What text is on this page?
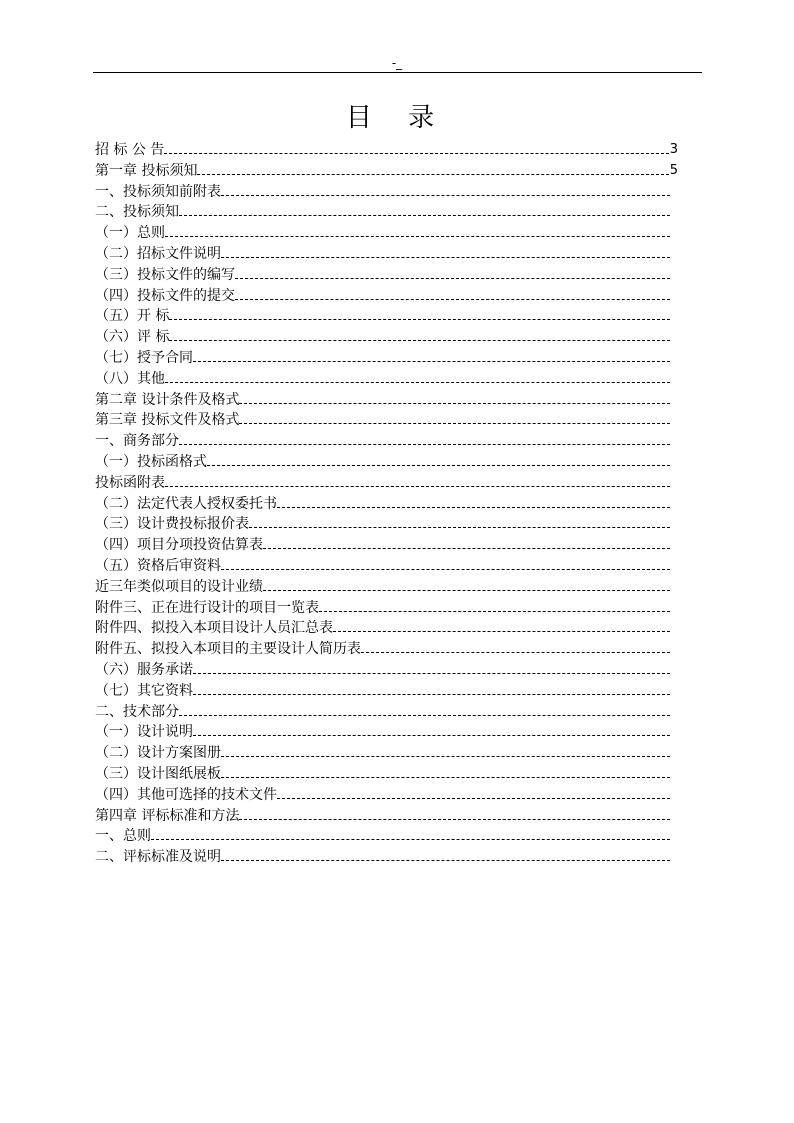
-_
目 录
招 标 公 告	3
第一章 投标须知	5
一、投标须知前附表
二、投标须知
（一）总则
（二）招标文件说明
（三）投标文件的编写
（四）投标文件的提交
（五）开 标
（六）评 标
（七）授予合同
（八）其他
第二章 设计条件及格式
第三章 投标文件及格式
一、商务部分
（一）投标函格式
投标函附表
（二）法定代表人授权委托书
（三）设计费投标报价表
（四）项目分项投资估算表
（五）资格后审资料
近三年类似项目的设计业绩
附件三、正在进行设计的项目一览表
附件四、拟投入本项目设计人员汇总表
附件五、拟投入本项目的主要设计人简历表
（六）服务承诺
（七）其它资料
二、技术部分
（一）设计说明
（二）设计方案图册
（三）设计图纸展板
（四）其他可选择的技术文件
第四章 评标标准和方法
一、总则
二、评标标准及说明
